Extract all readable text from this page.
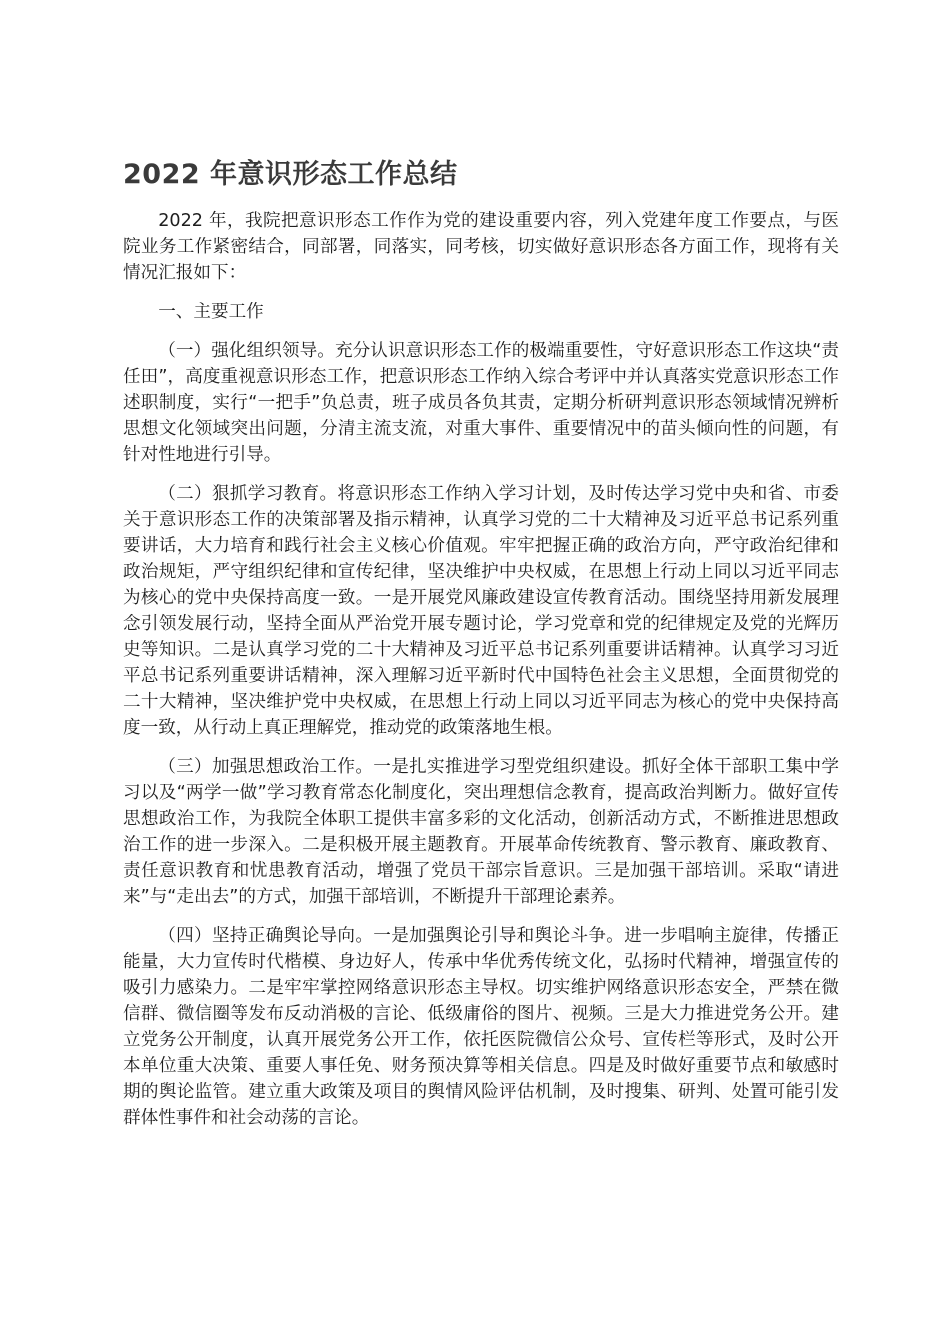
2022 年意识形态工作总结

2022 年，我院把意识形态工作作为党的建设重要内容，列入党建年度工作要点，与医院业务工作紧密结合，同部署，同落实，同考核，切实做好意识形态各方面工作，现将有关情况汇报如下：

一、主要工作

（一）强化组织领导。充分认识意识形态工作的极端重要性，守好意识形态工作这块“责任田”，高度重视意识形态工作，把意识形态工作纳入综合考评中并认真落实党意识形态工作述职制度，实行“一把手”负总责，班子成员各负其责，定期分析研判意识形态领域情况辨析思想文化领域突出问题，分清主流支流，对重大事件、重要情况中的苗头倾向性的问题，有针对性地进行引导。

（二）狠抓学习教育。将意识形态工作纳入学习计划，及时传达学习党中央和省、市委关于意识形态工作的决策部署及指示精神，认真学习党的二十大精神及习近平总书记系列重要讲话，大力培育和践行社会主义核心价值观。牢牢把握正确的政治方向，严守政治纪律和政治规矩，严守组织纪律和宣传纪律，坚决维护中央权威，在思想上行动上同以习近平同志为核心的党中央保持高度一致。一是开展党风廉政建设宣传教育活动。围绕坚持用新发展理念引领发展行动，坚持全面从严治党开展专题讨论，学习党章和党的纪律规定及党的光辉历史等知识。二是认真学习党的二十大精神及习近平总书记系列重要讲话精神。认真学习习近平总书记系列重要讲话精神，深入理解习近平新时代中国特色社会主义思想，全面贯彻党的二十大精神，坚决维护党中央权威，在思想上行动上同以习近平同志为核心的党中央保持高度一致，从行动上真正理解党，推动党的政策落地生根。

（三）加强思想政治工作。一是扎实推进学习型党组织建设。抓好全体干部职工集中学习以及“两学一做”学习教育常态化制度化，突出理想信念教育，提高政治判断力。做好宣传思想政治工作，为我院全体职工提供丰富多彩的文化活动，创新活动方式，不断推进思想政治工作的进一步深入。二是积极开展主题教育。开展革命传统教育、警示教育、廉政教育、责任意识教育和忧患教育活动，增强了党员干部宗旨意识。三是加强干部培训。采取“请进来”与“走出去”的方式，加强干部培训，不断提升干部理论素养。

（四）坚持正确舆论导向。一是加强舆论引导和舆论斗争。进一步唱响主旋律，传播正能量，大力宣传时代楷模、身边好人，传承中华优秀传统文化，弘扬时代精神，增强宣传的吸引力感染力。二是牢牢掌控网络意识形态主导权。切实维护网络意识形态安全，严禁在微信群、微信圈等发布反动消极的言论、低级庸俗的图片、视频。三是大力推进党务公开。建立党务公开制度，认真开展党务公开工作，依托医院微信公众号、宣传栏等形式，及时公开本单位重大决策、重要人事任免、财务预决算等相关信息。四是及时做好重要节点和敏感时期的舆论监管。建立重大政策及项目的舆情风险评估机制，及时搜集、研判、处置可能引发群体性事件和社会动荡的言论。
